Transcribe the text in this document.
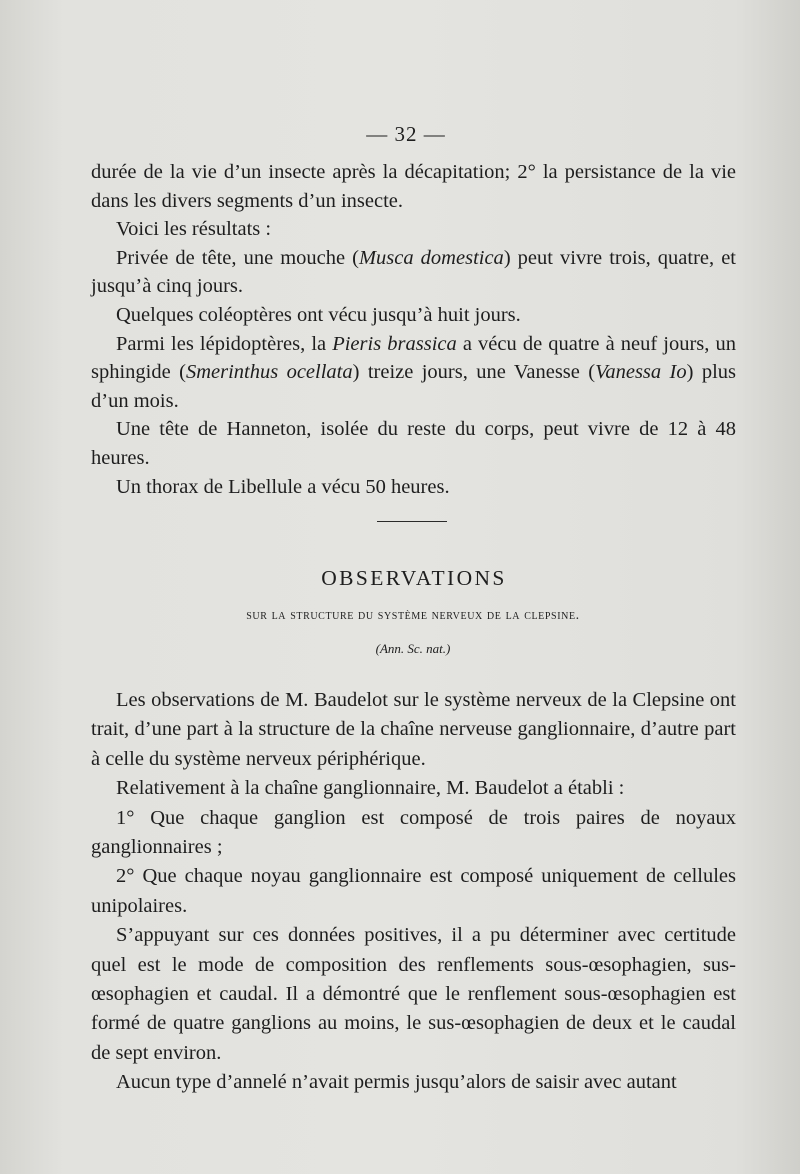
— 32 —

durée de la vie d’un insecte après la décapitation; 2° la persistance de la vie dans les divers segments d’un insecte.

Voici les résultats :

Privée de tête, une mouche (Musca domestica) peut vivre trois, quatre, et jusqu’à cinq jours.

Quelques coléoptères ont vécu jusqu’à huit jours.

Parmi les lépidoptères, la Pieris brassica a vécu de quatre à neuf jours, un sphingide (Smerinthus ocellata) treize jours, une Vanesse (Vanessa Io) plus d’un mois.

Une tête de Hanneton, isolée du reste du corps, peut vivre de 12 à 48 heures.

Un thorax de Libellule a vécu 50 heures.

OBSERVATIONS
sur la structure du système nerveux de la clepsine.
(Ann. Sc. nat.)

Les observations de M. Baudelot sur le système nerveux de la Clepsine ont trait, d’une part à la structure de la chaîne nerveuse ganglionnaire, d’autre part à celle du système nerveux périphérique.

Relativement à la chaîne ganglionnaire, M. Baudelot a établi :

1° Que chaque ganglion est composé de trois paires de noyaux ganglionnaires ;

2° Que chaque noyau ganglionnaire est composé uniquement de cellules unipolaires.

S’appuyant sur ces données positives, il a pu déterminer avec certitude quel est le mode de composition des renflements sous-œsophagien, sus-œsophagien et caudal. Il a démontré que le renflement sous-œsophagien est formé de quatre ganglions au moins, le sus-œsophagien de deux et le caudal de sept environ.

Aucun type d’annelé n’avait permis jusqu’alors de saisir avec autant
